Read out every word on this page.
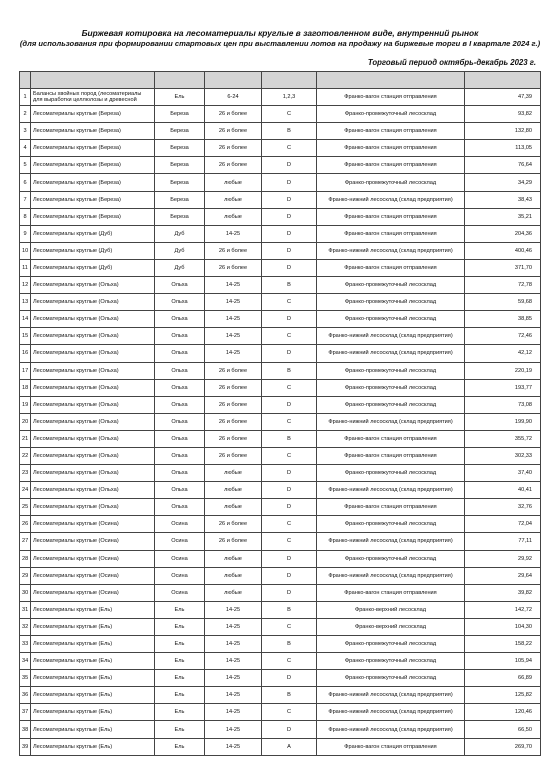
Биржевая котировка на лесоматериалы круглые в заготовленном виде, внутренний рынок
(для использования при формировании стартовых цен при выставлении лотов на продажу на биржевые торги в I квартале 2024 г.)
Торговый период октябрь-декабрь 2023 г.

1	Балансы хвойных пород (лесоматериалы для выработки целлюлозы и древесной	Ель	6-24	1,2,3	Франко-вагон станция отправления	47,39
2	Лесоматериалы круглые (Береза)	Береза	26 и более	С	Франко-промежуточный лесосклад	93,82
3	Лесоматериалы круглые (Береза)	Береза	26 и более	В	Франко-вагон станция отправления	132,80
4	Лесоматериалы круглые (Береза)	Береза	26 и более	С	Франко-вагон станция отправления	113,05
5	Лесоматериалы круглые (Береза)	Береза	26 и более	D	Франко-вагон станция отправления	76,64
6	Лесоматериалы круглые (Береза)	Береза	любые	D	Франко-промежуточный лесосклад	34,29
7	Лесоматериалы круглые (Береза)	Береза	любые	D	Франко-нижний лесосклад (склад предприятия)	38,43
8	Лесоматериалы круглые (Береза)	Береза	любые	D	Франко-вагон станция отправления	35,21
9	Лесоматериалы круглые (Дуб)	Дуб	14-25	D	Франко-вагон станция отправления	204,36
10	Лесоматериалы круглые (Дуб)	Дуб	26 и более	D	Франко-нижний лесосклад (склад предприятия)	400,46
11	Лесоматериалы круглые (Дуб)	Дуб	26 и более	D	Франко-вагон станция отправления	371,70
12	Лесоматериалы круглые (Ольха)	Ольха	14-25	В	Франко-промежуточный лесосклад	72,78
13	Лесоматериалы круглые (Ольха)	Ольха	14-25	С	Франко-промежуточный лесосклад	59,68
14	Лесоматериалы круглые (Ольха)	Ольха	14-25	D	Франко-промежуточный лесосклад	38,85
15	Лесоматериалы круглые (Ольха)	Ольха	14-25	С	Франко-нижний лесосклад (склад предприятия)	72,46
16	Лесоматериалы круглые (Ольха)	Ольха	14-25	D	Франко-нижний лесосклад (склад предприятия)	42,12
17	Лесоматериалы круглые (Ольха)	Ольха	26 и более	В	Франко-промежуточный лесосклад	220,19
18	Лесоматериалы круглые (Ольха)	Ольха	26 и более	С	Франко-промежуточный лесосклад	193,77
19	Лесоматериалы круглые (Ольха)	Ольха	26 и более	D	Франко-промежуточный лесосклад	73,08
20	Лесоматериалы круглые (Ольха)	Ольха	26 и более	С	Франко-нижний лесосклад (склад предприятия)	199,90
21	Лесоматериалы круглые (Ольха)	Ольха	26 и более	В	Франко-вагон станция отправления	355,72
22	Лесоматериалы круглые (Ольха)	Ольха	26 и более	С	Франко-вагон станция отправления	302,33
23	Лесоматериалы круглые (Ольха)	Ольха	любые	D	Франко-промежуточный лесосклад	37,40
24	Лесоматериалы круглые (Ольха)	Ольха	любые	D	Франко-нижний лесосклад (склад предприятия)	40,41
25	Лесоматериалы круглые (Ольха)	Ольха	любые	D	Франко-вагон станция отправления	32,76
26	Лесоматериалы круглые (Осина)	Осина	26 и более	С	Франко-промежуточный лесосклад	72,04
27	Лесоматериалы круглые (Осина)	Осина	26 и более	С	Франко-нижний лесосклад (склад предприятия)	77,11
28	Лесоматериалы круглые (Осина)	Осина	любые	D	Франко-промежуточный лесосклад	29,92
29	Лесоматериалы круглые (Осина)	Осина	любые	D	Франко-нижний лесосклад (склад предприятия)	29,64
30	Лесоматериалы круглые (Осина)	Осина	любые	D	Франко-вагон станция отправления	39,82
31	Лесоматериалы круглые (Ель)	Ель	14-25	В	Франко-верхний лесосклад	142,72
32	Лесоматериалы круглые (Ель)	Ель	14-25	С	Франко-верхний лесосклад	104,30
33	Лесоматериалы круглые (Ель)	Ель	14-25	В	Франко-промежуточный лесосклад	158,22
34	Лесоматериалы круглые (Ель)	Ель	14-25	С	Франко-промежуточный лесосклад	105,94
35	Лесоматериалы круглые (Ель)	Ель	14-25	D	Франко-промежуточный лесосклад	66,89
36	Лесоматериалы круглые (Ель)	Ель	14-25	В	Франко-нижний лесосклад (склад предприятия)	125,82
37	Лесоматериалы круглые (Ель)	Ель	14-25	С	Франко-нижний лесосклад (склад предприятия)	120,46
38	Лесоматериалы круглые (Ель)	Ель	14-25	D	Франко-нижний лесосклад (склад предприятия)	66,50
39	Лесоматериалы круглые (Ель)	Ель	14-25	А	Франко-вагон станция отправления	269,70
